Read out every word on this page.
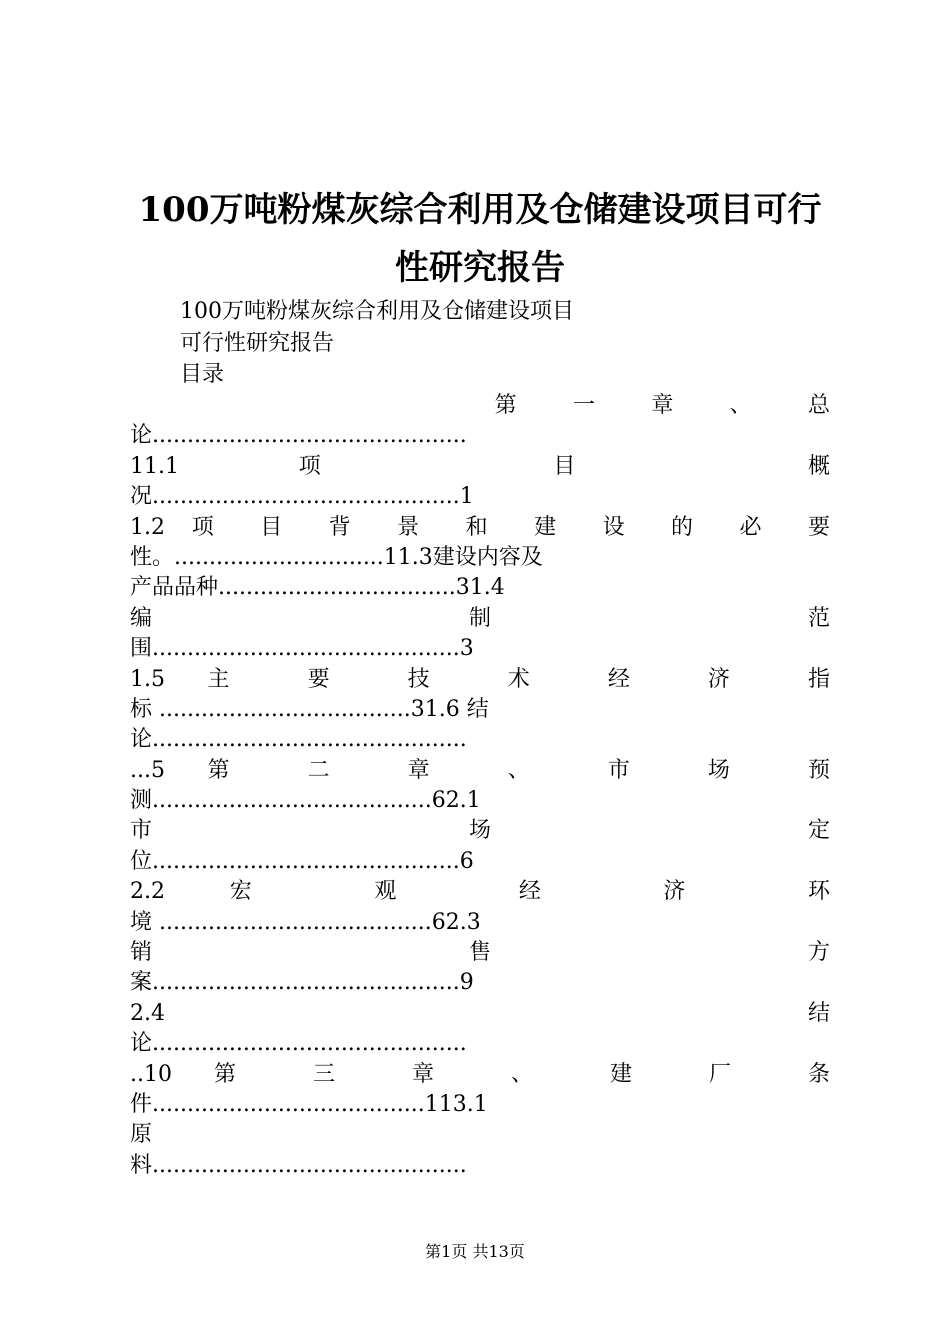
100万吨粉煤灰综合利用及仓储建设项目可行
性研究报告
100万吨粉煤灰综合利用及仓储建设项目
可行性研究报告
目录
第 一 章 、 总
论.............................................
11.1 项 目 概
况............................................1
1.2 项 目 背 景 和 建 设 的 必 要
性。..............................11.3建设内容及
产品品种..................................31.4
编 制 范
围............................................3
1.5 主 要 技 术 经 济 指
标 ....................................31.6 结
论.............................................
...5 第 二 章 、 市 场 预
测........................................62.1
市 场 定
位............................................6
2.2 宏 观 经 济 环
境 .......................................62.3
销 售 方
案............................................9
2.4 结
论.............................................
..10 第 三 章 、 建 厂 条
件.......................................113.1
原
料.............................................
第1页 共13页
